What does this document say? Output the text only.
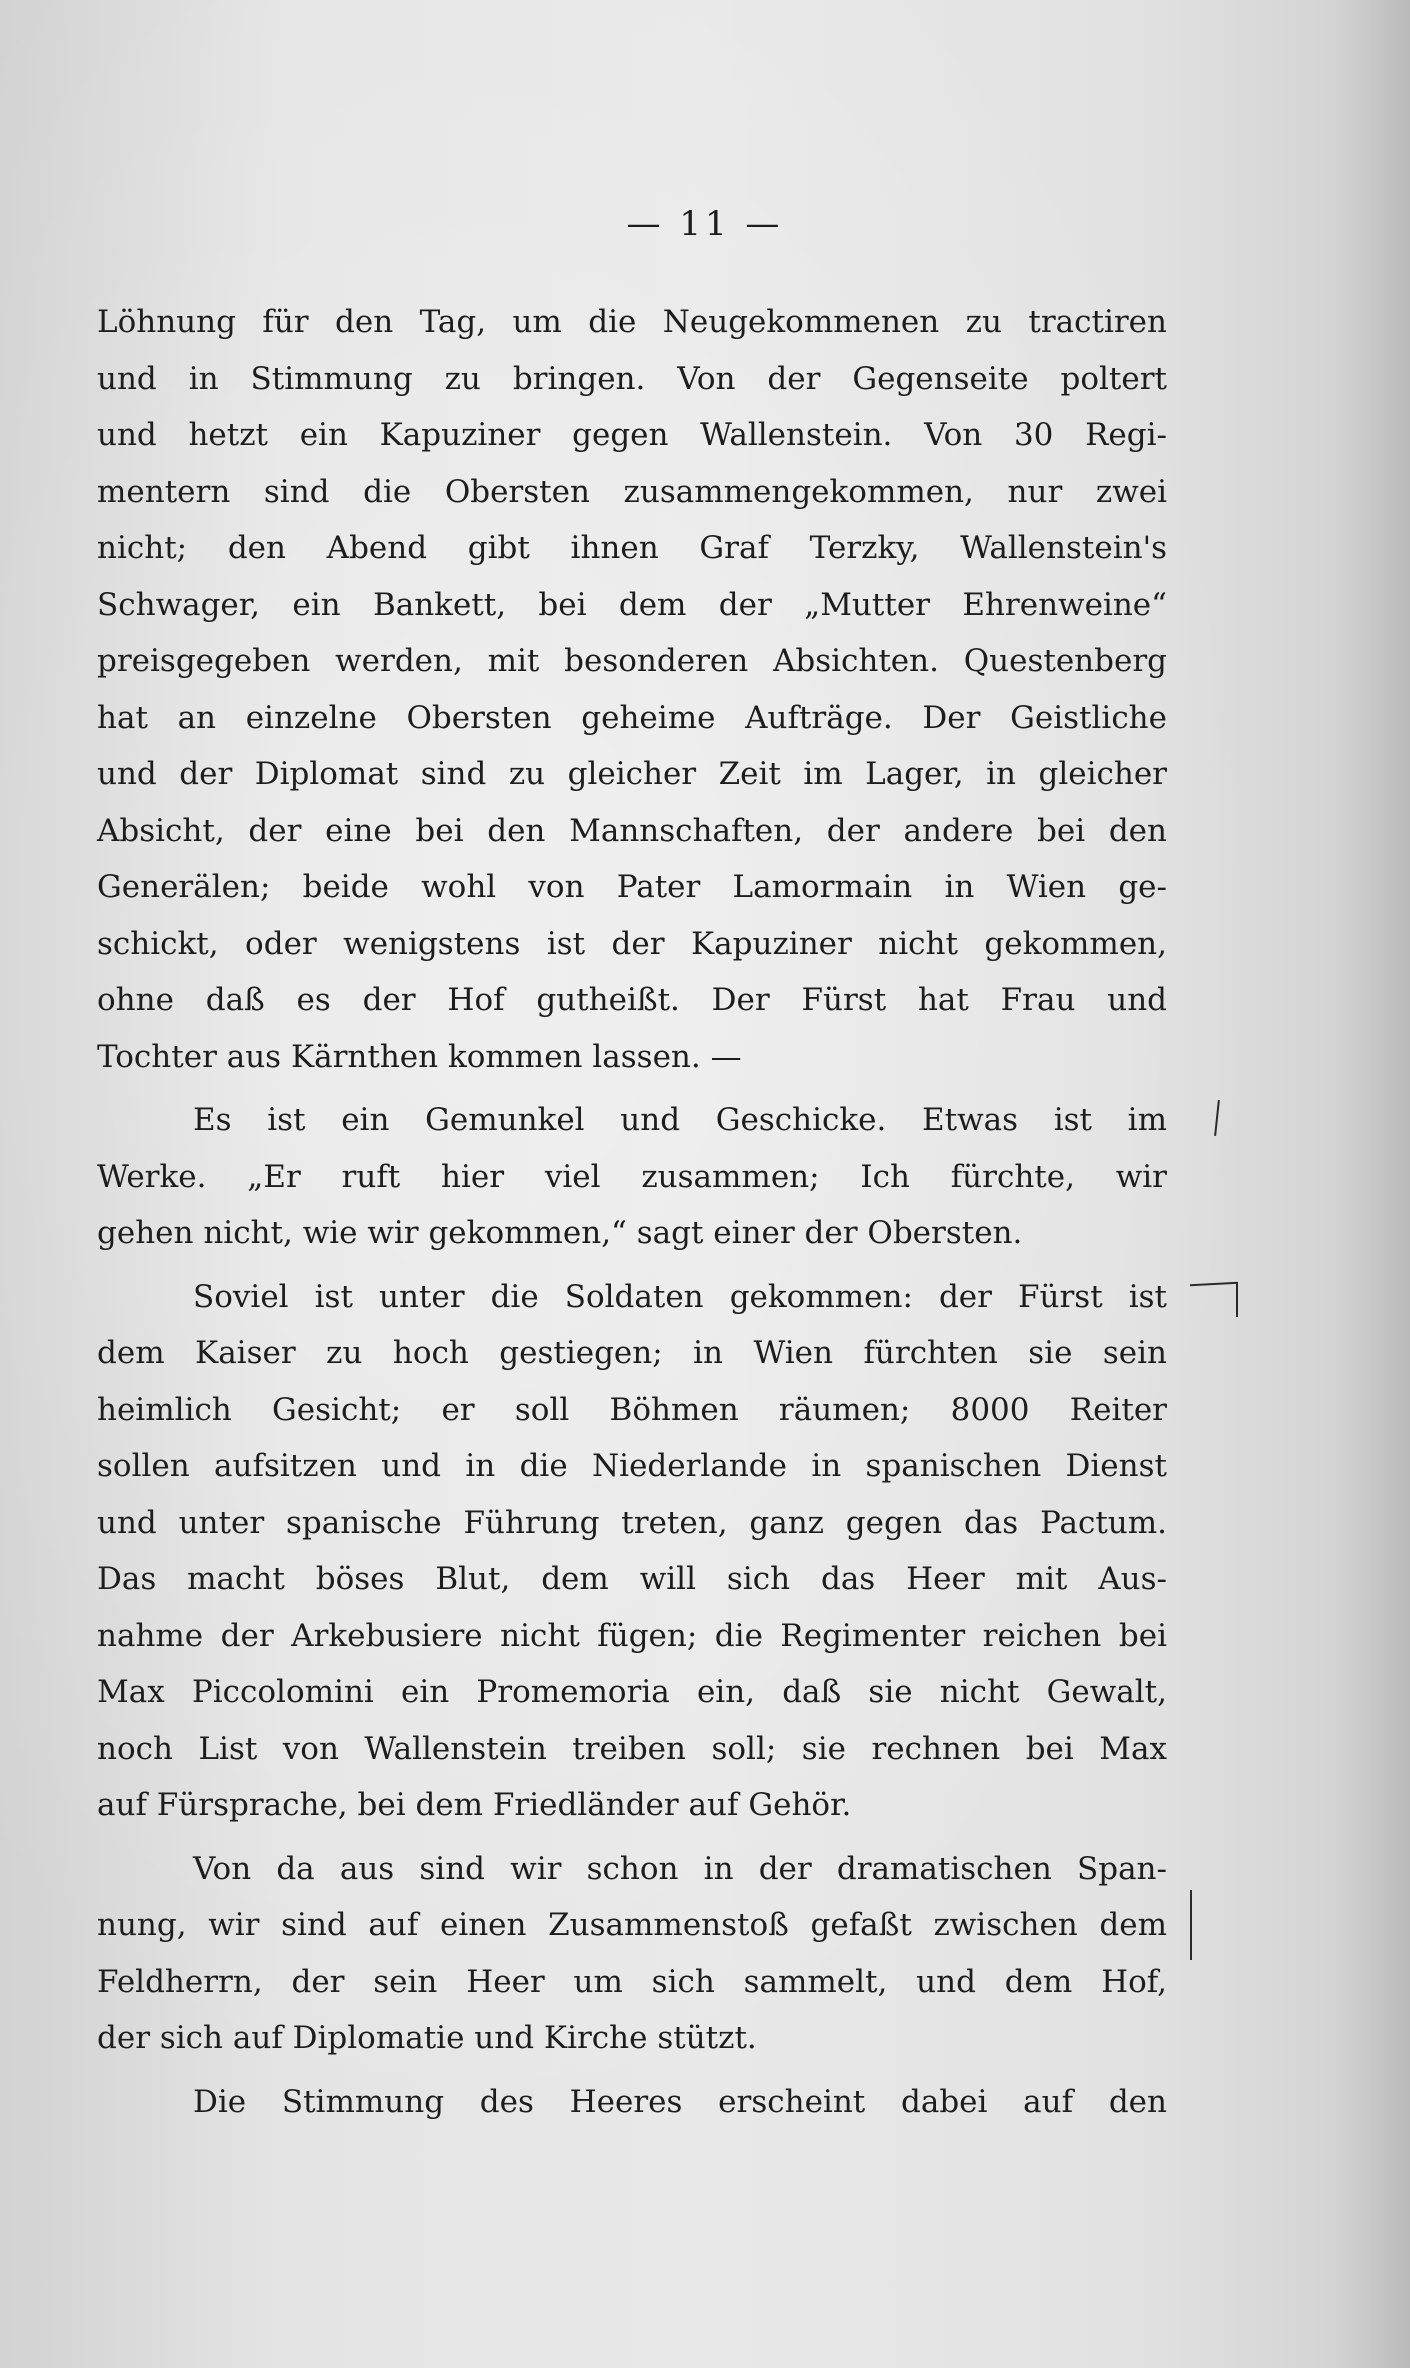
— 11 —
Löhnung für den Tag, um die Neugekommenen zu tractiren
und in Stimmung zu bringen. Von der Gegenseite poltert
und hetzt ein Kapuziner gegen Wallenstein. Von 30 Regi-
mentern sind die Obersten zusammengekommen, nur zwei
nicht; den Abend gibt ihnen Graf Terzky, Wallenstein's
Schwager, ein Bankett, bei dem der „Mutter Ehrenweine“
preisgegeben werden, mit besonderen Absichten. Questenberg
hat an einzelne Obersten geheime Aufträge. Der Geistliche
und der Diplomat sind zu gleicher Zeit im Lager, in gleicher
Absicht, der eine bei den Mannschaften, der andere bei den
Generälen; beide wohl von Pater Lamormain in Wien ge-
schickt, oder wenigstens ist der Kapuziner nicht gekommen,
ohne daß es der Hof gutheißt. Der Fürst hat Frau und
Tochter aus Kärnthen kommen lassen. —
Es ist ein Gemunkel und Geschicke. Etwas ist im
Werke. „Er ruft hier viel zusammen; Ich fürchte, wir
gehen nicht, wie wir gekommen,“ sagt einer der Obersten.
Soviel ist unter die Soldaten gekommen: der Fürst ist
dem Kaiser zu hoch gestiegen; in Wien fürchten sie sein
heimlich Gesicht; er soll Böhmen räumen; 8000 Reiter
sollen aufsitzen und in die Niederlande in spanischen Dienst
und unter spanische Führung treten, ganz gegen das Pactum.
Das macht böses Blut, dem will sich das Heer mit Aus-
nahme der Arkebusiere nicht fügen; die Regimenter reichen bei
Max Piccolomini ein Promemoria ein, daß sie nicht Gewalt,
noch List von Wallenstein treiben soll; sie rechnen bei Max
auf Fürsprache, bei dem Friedländer auf Gehör.
Von da aus sind wir schon in der dramatischen Span-
nung, wir sind auf einen Zusammenstoß gefaßt zwischen dem
Feldherrn, der sein Heer um sich sammelt, und dem Hof,
der sich auf Diplomatie und Kirche stützt.
Die Stimmung des Heeres erscheint dabei auf den
